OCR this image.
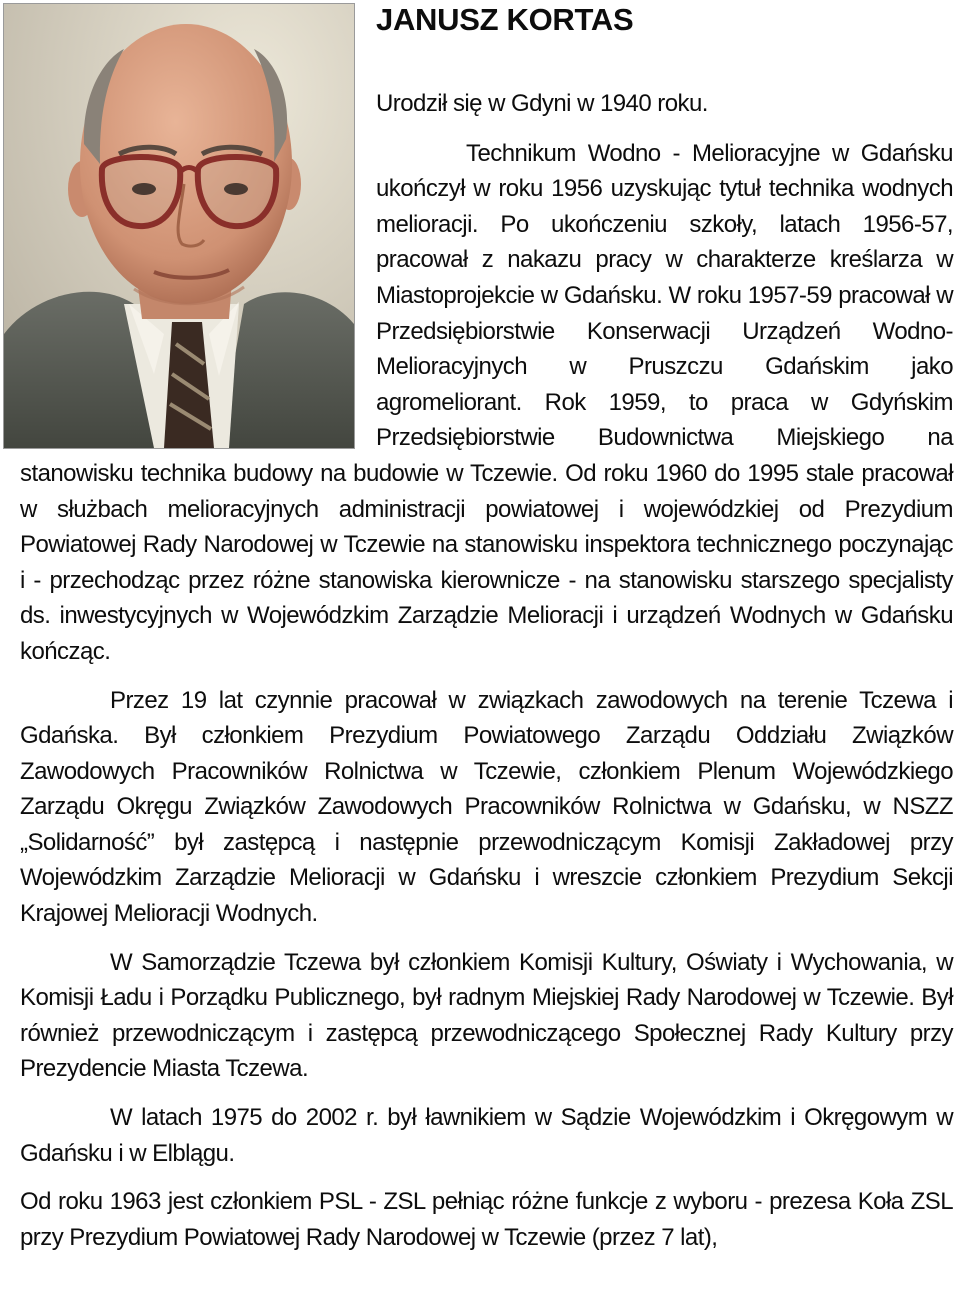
JANUSZ KORTAS

Urodził się w Gdyni w 1940 roku.

Technikum Wodno - Melioracyjne w Gdańsku ukończył w roku 1956 uzyskując tytuł technika wodnych melioracji. Po ukończeniu szkoły, latach 1956-57, pracował z nakazu pracy w charakterze kreślarza w Miastoprojekcie w Gdańsku. W roku 1957-59 pracował w Przedsiębiorstwie Konserwacji Urządzeń Wodno-Melioracyjnych w Pruszczu Gdańskim jako agromeliorant. Rok 1959, to praca w Gdyńskim Przedsiębiorstwie Budownictwa Miejskiego na stanowisku technika budowy na budowie w Tczewie. Od roku 1960 do 1995 stale pracował w służbach melioracyjnych administracji powiatowej i wojewódzkiej od Prezydium Powiatowej Rady Narodowej w Tczewie na stanowisku inspektora technicznego poczynając i - przechodząc przez różne stanowiska kierownicze - na stanowisku starszego specjalisty ds. inwestycyjnych w Wojewódzkim Zarządzie Melioracji i urządzeń Wodnych w Gdańsku kończąc.

Przez 19 lat czynnie pracował w związkach zawodowych na terenie Tczewa i Gdańska. Był członkiem Prezydium Powiatowego Zarządu Oddziału Związków Zawodowych Pracowników Rolnictwa w Tczewie, członkiem Plenum Wojewódzkiego Zarządu Okręgu Związków Zawodowych Pracowników Rolnictwa w Gdańsku, w NSZZ „Solidarność” był zastępcą i następnie przewodniczącym Komisji Zakładowej przy Wojewódzkim Zarządzie Melioracji w Gdańsku i wreszcie członkiem Prezydium Sekcji Krajowej Melioracji Wodnych.

W Samorządzie Tczewa był członkiem Komisji Kultury, Oświaty i Wychowania, w Komisji Ładu i Porządku Publicznego, był radnym Miejskiej Rady Narodowej w Tczewie. Był również przewodniczącym i zastępcą przewodniczącego Społecznej Rady Kultury przy Prezydencie Miasta Tczewa.

W latach 1975 do 2002 r. był ławnikiem w Sądzie Wojewódzkim i Okręgowym w Gdańsku i w Elblągu.

Od roku 1963 jest członkiem PSL - ZSL pełniąc różne funkcje z wyboru - prezesa Koła ZSL przy Prezydium Powiatowej Rady Narodowej w Tczewie (przez 7 lat),
